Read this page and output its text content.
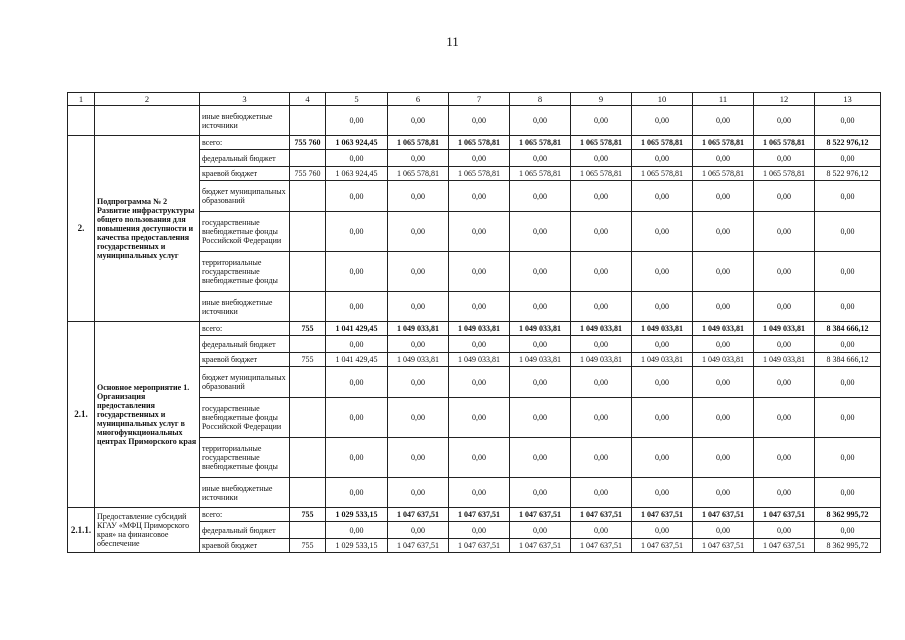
11
1	2	3	4	5	6	7	8	9	10	11	12	13
		иные внебюджетные источники		0,00	0,00	0,00	0,00	0,00	0,00	0,00	0,00	0,00
2.	Подпрограмма № 2 Развитие инфраструктуры общего пользования для повышения доступности и качества предоставления государственных и муниципальных услуг	всего:	755 760	1 063 924,45	1 065 578,81	1 065 578,81	1 065 578,81	1 065 578,81	1 065 578,81	1 065 578,81	1 065 578,81	8 522 976,12
		федеральный бюджет		0,00	0,00	0,00	0,00	0,00	0,00	0,00	0,00	0,00
		краевой бюджет	755 760	1 063 924,45	1 065 578,81	1 065 578,81	1 065 578,81	1 065 578,81	1 065 578,81	1 065 578,81	1 065 578,81	8 522 976,12
		бюджет муниципальных образований		0,00	0,00	0,00	0,00	0,00	0,00	0,00	0,00	0,00
		государственные внебюджетные фонды Российской Федерации		0,00	0,00	0,00	0,00	0,00	0,00	0,00	0,00	0,00
		территориальные государственные внебюджетные фонды		0,00	0,00	0,00	0,00	0,00	0,00	0,00	0,00	0,00
		иные внебюджетные источники		0,00	0,00	0,00	0,00	0,00	0,00	0,00	0,00	0,00
2.1.	Основное мероприятие 1. Организация предоставления государственных и муниципальных услуг в многофункциональных центрах Приморского края	всего:	755	1 041 429,45	1 049 033,81	1 049 033,81	1 049 033,81	1 049 033,81	1 049 033,81	1 049 033,81	1 049 033,81	8 384 666,12
		федеральный бюджет		0,00	0,00	0,00	0,00	0,00	0,00	0,00	0,00	0,00
		краевой бюджет	755	1 041 429,45	1 049 033,81	1 049 033,81	1 049 033,81	1 049 033,81	1 049 033,81	1 049 033,81	1 049 033,81	8 384 666,12
		бюджет муниципальных образований		0,00	0,00	0,00	0,00	0,00	0,00	0,00	0,00	0,00
		государственные внебюджетные фонды Российской Федерации		0,00	0,00	0,00	0,00	0,00	0,00	0,00	0,00	0,00
		территориальные государственные внебюджетные фонды		0,00	0,00	0,00	0,00	0,00	0,00	0,00	0,00	0,00
		иные внебюджетные источники		0,00	0,00	0,00	0,00	0,00	0,00	0,00	0,00	0,00
2.1.1.	Предоставление субсидий КГАУ «МФЦ Приморского края» на финансовое обеспечение	всего:	755	1 029 533,15	1 047 637,51	1 047 637,51	1 047 637,51	1 047 637,51	1 047 637,51	1 047 637,51	1 047 637,51	8 362 995,72
		федеральный бюджет		0,00	0,00	0,00	0,00	0,00	0,00	0,00	0,00	0,00
		краевой бюджет	755	1 029 533,15	1 047 637,51	1 047 637,51	1 047 637,51	1 047 637,51	1 047 637,51	1 047 637,51	1 047 637,51	8 362 995,72
